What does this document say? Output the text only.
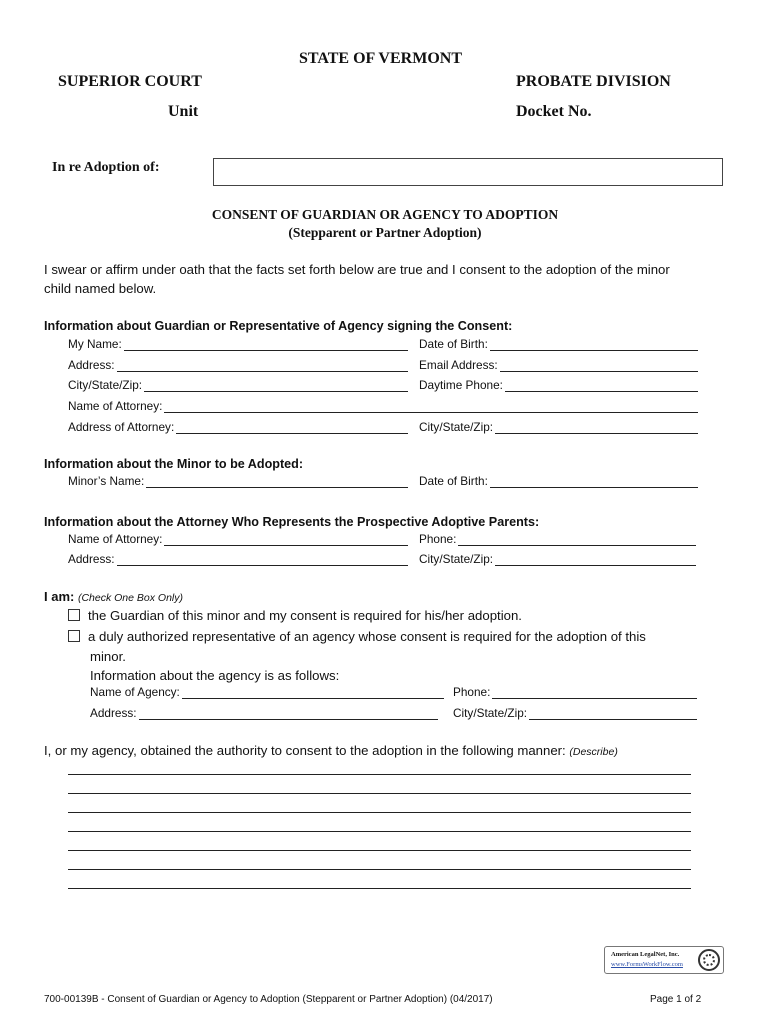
STATE OF VERMONT
SUPERIOR COURT	PROBATE DIVISION
Unit	Docket No.
In re Adoption of:
CONSENT OF GUARDIAN OR AGENCY TO ADOPTION
(Stepparent or Partner Adoption)
I swear or affirm under oath that the facts set forth below are true and I consent to the adoption of the minor
child named below.
Information about Guardian or Representative of Agency signing the Consent:
My Name:	Date of Birth:
Address:	Email Address:
City/State/Zip:	Daytime Phone:
Name of Attorney:
Address of Attorney:	City/State/Zip:
Information about the Minor to be Adopted:
Minor’s Name:	Date of Birth:
Information about the Attorney Who Represents the Prospective Adoptive Parents:
Name of Attorney:	Phone:
Address:	City/State/Zip:
I am: (Check One Box Only)
the Guardian of this minor and my consent is required for his/her adoption.
a duly authorized representative of an agency whose consent is required for the adoption of this
minor.
Information about the agency is as follows:
Name of Agency:	Phone:
Address:	City/State/Zip:
I, or my agency, obtained the authority to consent to the adoption in the following manner: (Describe)
American LegalNet, Inc.
www.FormsWorkFlow.com
700-00139B - Consent of Guardian or Agency to Adoption (Stepparent or Partner Adoption) (04/2017)	Page 1 of 2
